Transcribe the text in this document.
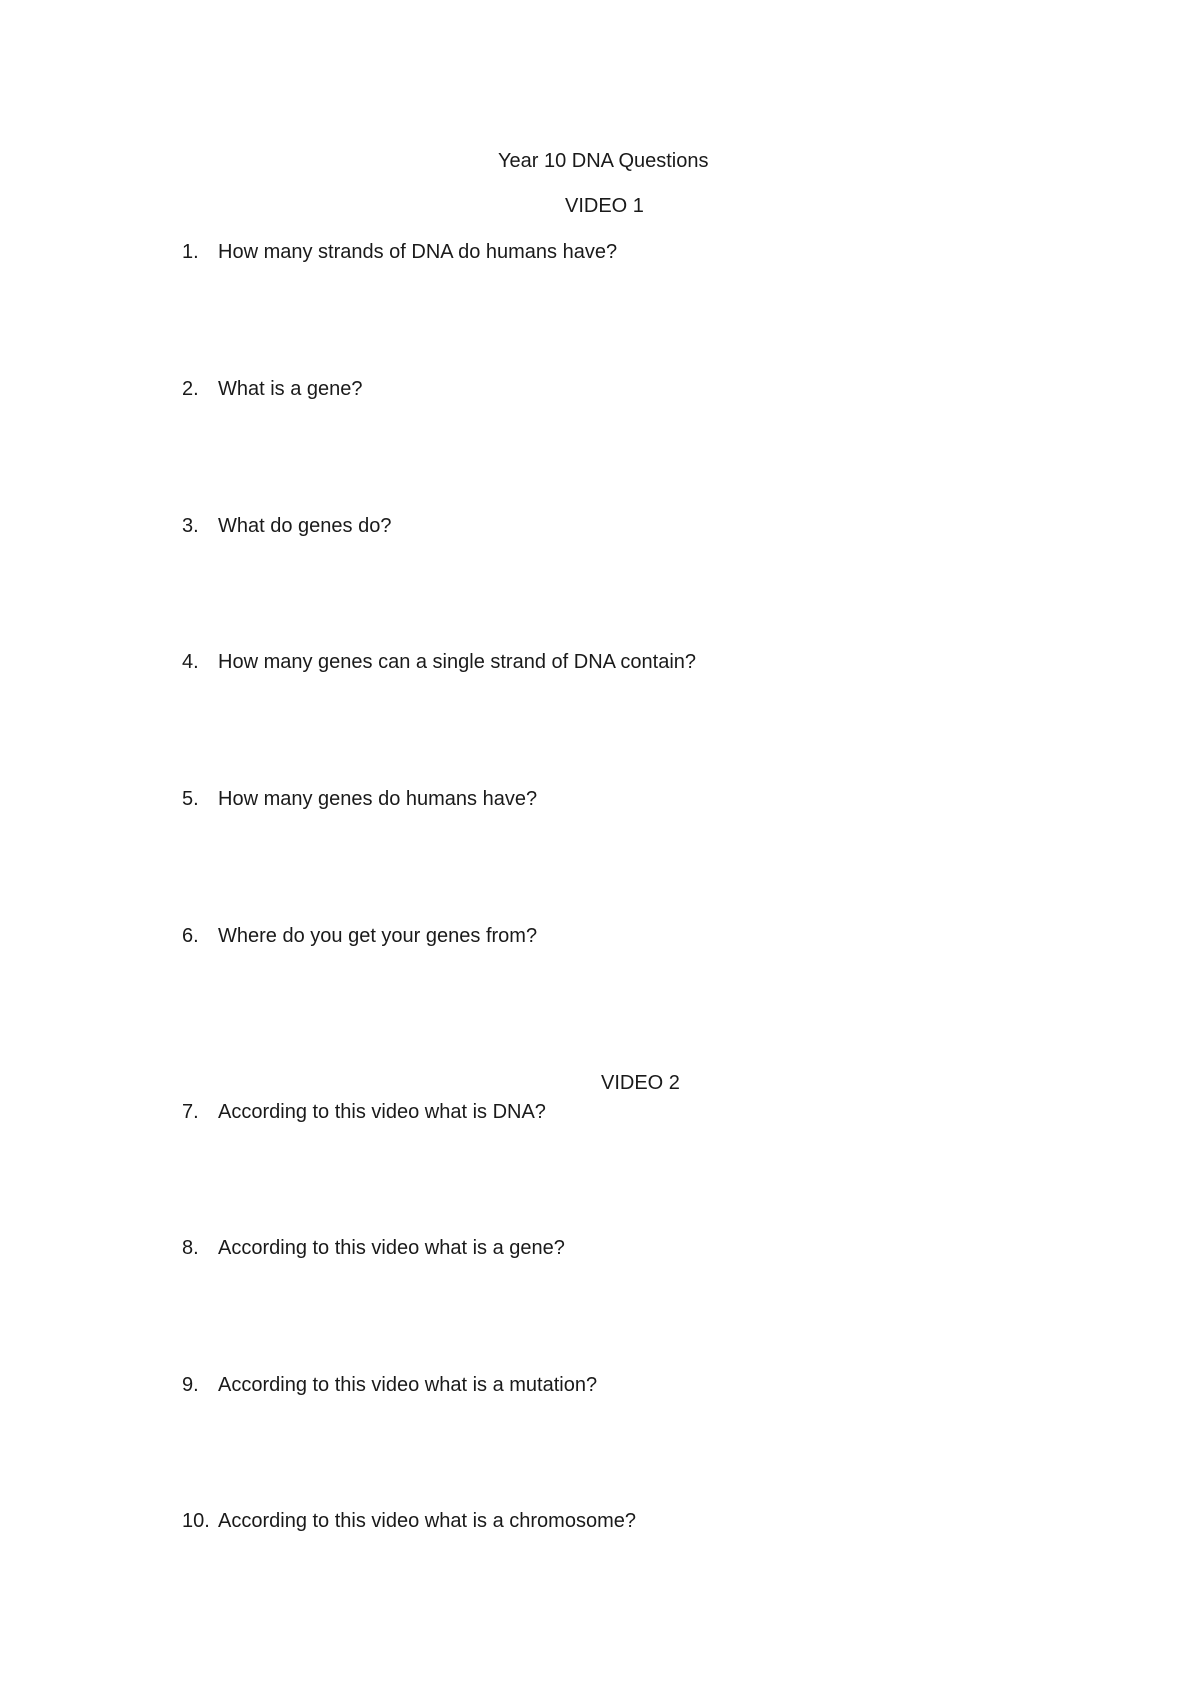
Year 10 DNA Questions
VIDEO 1
1. How many strands of DNA do humans have?
2. What is a gene?
3. What do genes do?
4. How many genes can a single strand of DNA contain?
5. How many genes do humans have?
6. Where do you get your genes from?
VIDEO 2
7. According to this video what is DNA?
8. According to this video what is a gene?
9. According to this video what is a mutation?
10. According to this video what is a chromosome?
